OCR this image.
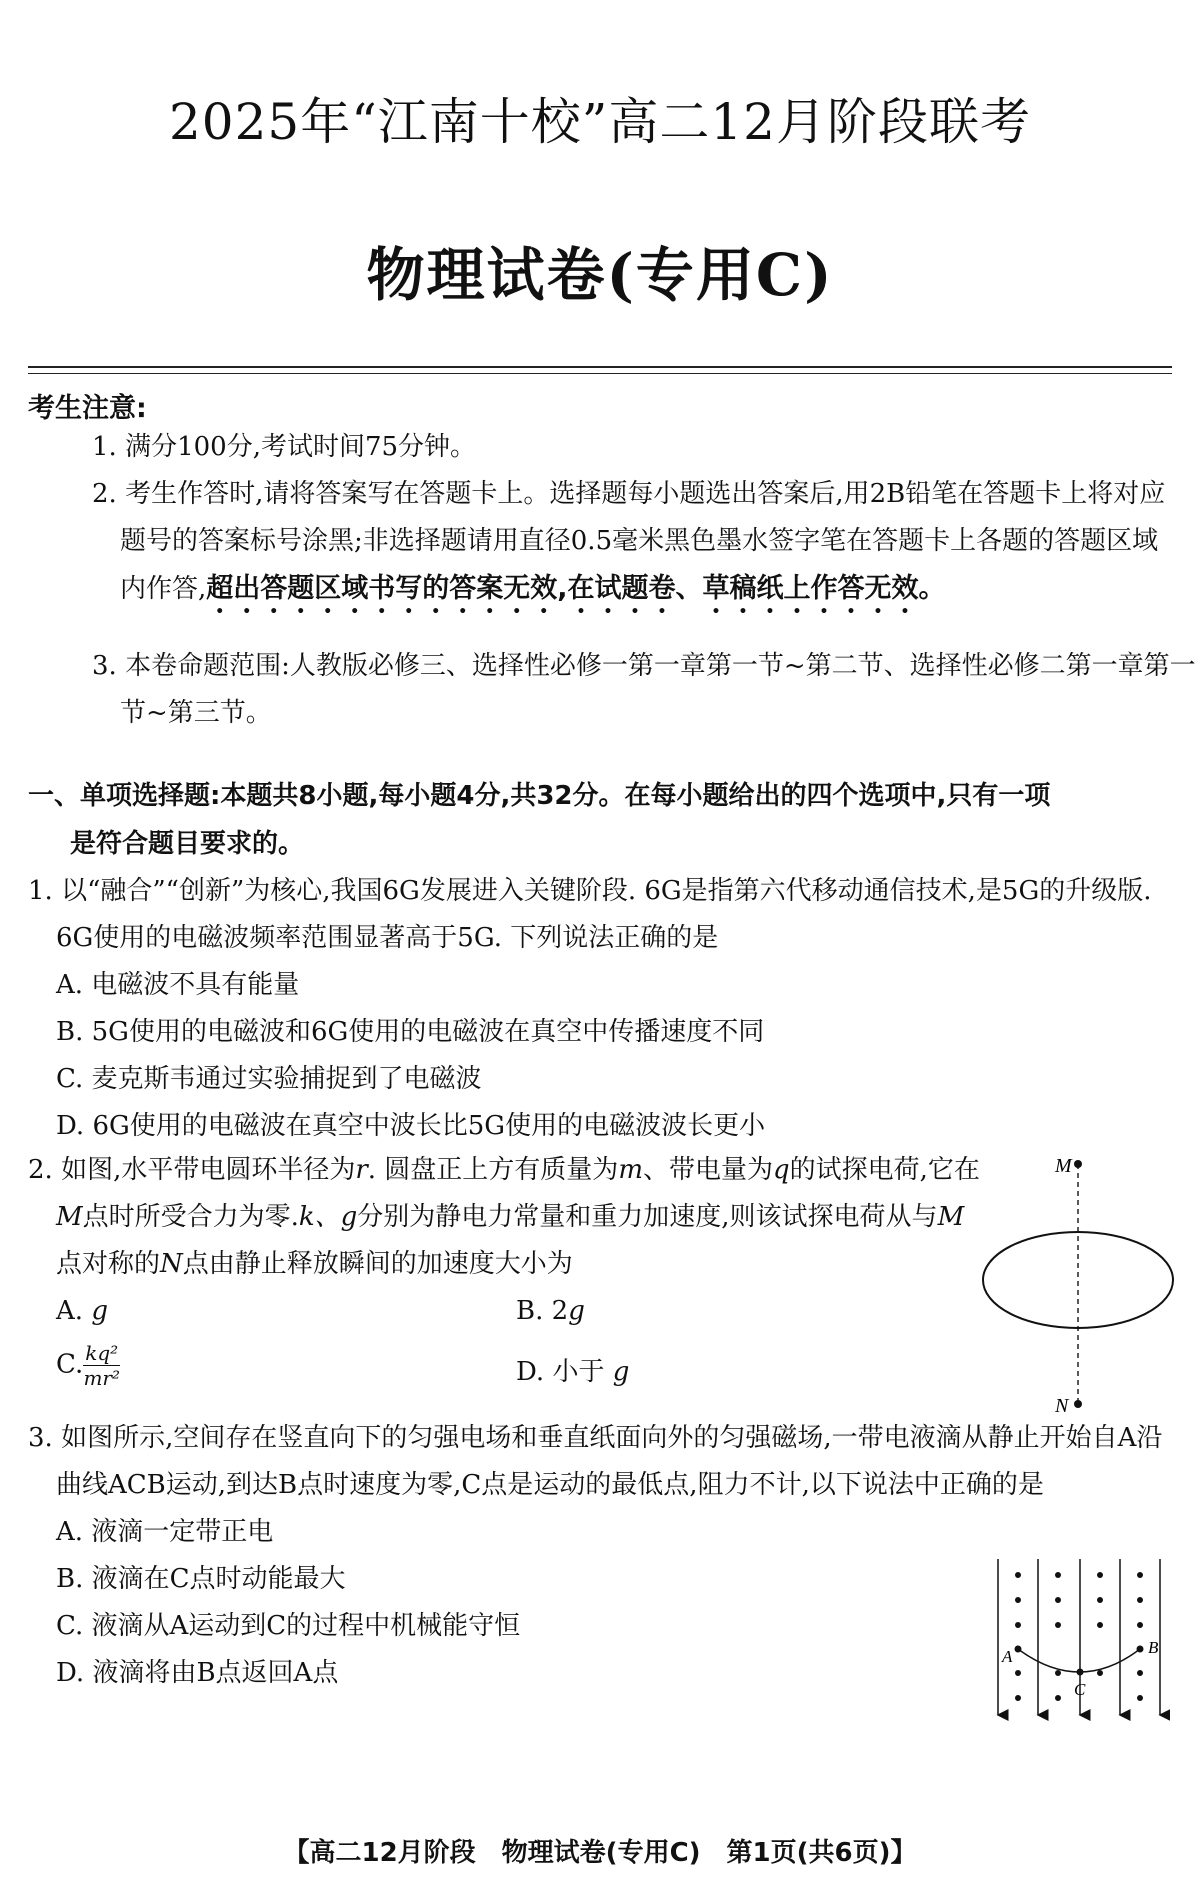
2025年“江南十校”高二12月阶段联考
物理试卷(专用C)
考生注意:
1. 满分100分,考试时间75分钟。
2. 考生作答时,请将答案写在答题卡上。选择题每小题选出答案后,用2B铅笔在答题卡上将对应题号的答案标号涂黑;非选择题请用直径0.5毫米黑色墨水签字笔在答题卡上各题的答题区域内作答,超出答题区域书写的答案无效,在试题卷、草稿纸上作答无效。
3. 本卷命题范围:人教版必修三、选择性必修一第一章第一节~第二节、选择性必修二第一章第一节~第三节。
一、单项选择题:本题共8小题,每小题4分,共32分。在每小题给出的四个选项中,只有一项
是符合题目要求的。
1. 以“融合”“创新”为核心,我国6G发展进入关键阶段. 6G是指第六代移动通信技术,是5G的升级版. 6G使用的电磁波频率范围显著高于5G. 下列说法正确的是
A. 电磁波不具有能量
B. 5G使用的电磁波和6G使用的电磁波在真空中传播速度不同
C. 麦克斯韦通过实验捕捉到了电磁波
D. 6G使用的电磁波在真空中波长比5G使用的电磁波波长更小
2. 如图,水平带电圆环半径为r. 圆盘正上方有质量为m、带电量为q的试探电荷,它在M点时所受合力为零.k、g分别为静电力常量和重力加速度,则该试探电荷从与M点对称的N点由静止释放瞬间的加速度大小为
A. g	B. 2g
C. $\frac{\text{kq²}}{\text{mr²}}$	D. 小于 g
M
N
3. 如图所示,空间存在竖直向下的匀强电场和垂直纸面向外的匀强磁场,一带电液滴从静止开始自A沿曲线ACB运动,到达B点时速度为零,C点是运动的最低点,阻力不计,以下说法中正确的是
A. 液滴一定带正电
B. 液滴在C点时动能最大
C. 液滴从A运动到C的过程中机械能守恒
D. 液滴将由B点返回A点
A	B
C
【高二12月阶段　物理试卷(专用C)　第1页(共6页)】
